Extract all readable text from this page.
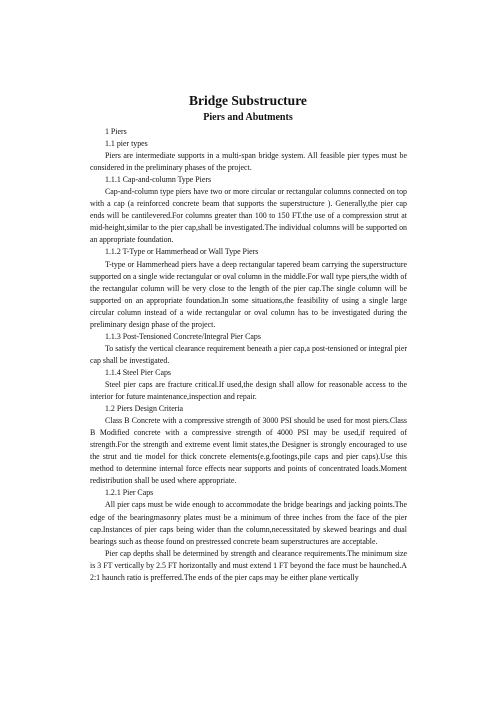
Bridge Substructure
Piers and Abutments

1 Piers

1.1 pier types

Piers are intermediate supports in a multi-span bridge system. All feasible pier types must be considered in the preliminary phases of the project.

1.1.1 Cap-and-column Type Piers

Cap-and-column type piers have two or more circular or rectangular columns connected on top with a cap (a reinforced concrete beam that supports the superstructure ). Generally,the pier cap ends will be cantilevered.For columns greater than 100 to 150 FT.the use of a compression strut at mid-height,similar to the pier cap,shall be investigated.The individual columns will be supported on an appropriate foundation.

1.1.2 T-Type or Hammerhead or Wall Type Piers

T-type or Hammerhead piers have a deep rectangular tapered beam carrying the superstructure supported on a single wide rectangular or oval column in the middle.For wall type piers,the width of the rectangular column will be very close to the length of the pier cap.The single column will be supported on an appropriate foundation.In some situations,the feasibility of using a single large circular column instead of a wide rectangular or oval column has to be investigated during the preliminary design phase of the project.

1.1.3 Post-Tensioned Concrete/Integral Pier Caps

To satisfy the vertical clearance requirement beneath a pier cap,a post-tensioned or integral pier cap shall be investigated.

1.1.4 Steel Pier Caps

Steel pier caps are fracture critical.If used,the design shall allow for reasonable access to the interior for future maintenance,inspection and repair.

1.2 Piers Design Criteria

Class B Concrete with a compressive strength of 3000 PSI should be used for most piers.Class B Modified concrete with a compressive strength of 4000 PSI may be used,if required of strength.For the strength and extreme event limit states,the Designer is strongly encouraged to use the strut and tie model for thick concrete elements(e.g.footings,pile caps and pier caps).Use this method to determine internal force effects near supports and points of concentrated loads.Moment redistribution shall be used where appropriate.

1.2.1 Pier Caps

All pier caps must be wide enough to accommodate the bridge bearings and jacking points.The edge of the bearingmasonry plates must be a minimum of three inches from the face of the pier cap.Instances of pier caps being wider than the column,necessitated by skewed bearings and dual bearings such as theose found on prestressed concrete beam superstructures are acceptable.

Pier cap depths shall be determined by strength and clearance requirements.The minimum size is 3 FT vertically by 2.5 FT horizontally and must extend 1 FT beyond the face must be haunched.A 2:1 haunch ratio is prefferred.The ends of the pier caps may be either plane vertically
